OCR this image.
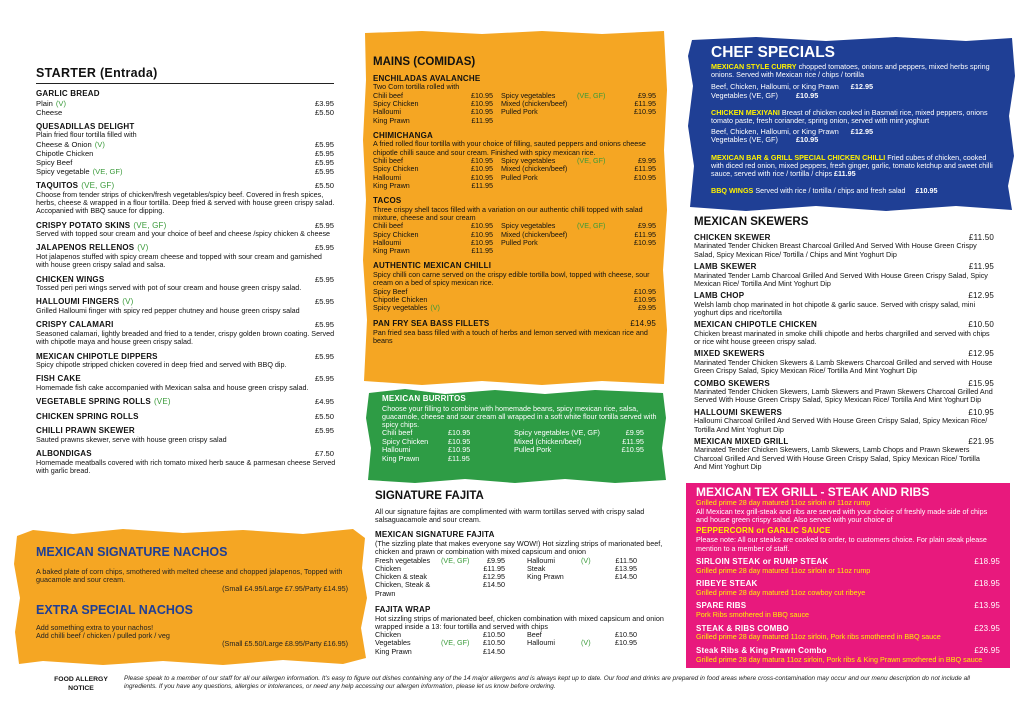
STARTER (Entrada)
GARLIC BREAD
Plain (V)	£3.95
Cheese	£5.50
QUESADILLAS DELIGHT
Plain fried flour tortilla filled with
Cheese & Onion (V)	£5.95
Chipotle Chicken	£5.95
Spicy Beef	£5.95
Spicy vegetable (VE, GF)	£5.95
TAQUITOS (VE, GF)	£5.50
Choose from tender strips of chicken/fresh vegetables/spicy beef. Covered in fresh spices, herbs, cheese & wrapped in a flour tortilla. Deep fried & served with house green crispy salad. Accopanied with BBQ sauce for dipping.
CRISPY POTATO SKINS (VE, GF)	£5.95
Served with topped sour cream and your choice of beef and cheese /spicy chicken & cheese
JALAPENOS RELLENOS (V)	£5.95
Hot jalapenos stuffed with spicy cream cheese and topped with sour cream and garnished with house green crispy salad and salsa.
CHICKEN WINGS	£5.95
Tossed peri peri wings served with pot of sour cream and house green crispy salad.
HALLOUMI FINGERS (V)	£5.95
Grilled Halloumi finger with spicy red pepper chutney and house green crispy salad
CRISPY CALAMARI	£5.95
Seasoned calamari, lightly breaded and fried to a tender, crispy golden brown coating. Served with chipotle maya and house green crispy salad.
MEXICAN CHIPOTLE DIPPERS	£5.95
Spicy chipotle stripped chicken covered in deep fried and served with BBQ dip.
FISH CAKE	£5.95
Homemade fish cake accompanied with Mexican salsa and house green crispy salad.
VEGETABLE SPRING ROLLS (VE)	£4.95
CHICKEN SPRING ROLLS	£5.50
CHILLI PRAWN SKEWER	£5.95
Sauted prawns skewer, serve with house green crispy salad
ALBONDIGAS	£7.50
Homemade meatballs covered with rich tomato mixed herb sauce & parmesan cheese Served with garlic bread.
MEXICAN SIGNATURE NACHOS
A baked plate of corn chips, smothered with melted cheese and chopped jalapenos, Topped with guacamole and sour cream.
(Small £4.95/Large £7.95/Party £14.95)
EXTRA SPECIAL NACHOS
Add something extra to your nachos!
Add chilli beef / chicken / pulled pork / veg
(Small £5.50/Large £8.95/Party £16.95)
MAINS (COMIDAS)
ENCHILADAS AVALANCHE
Two Corn tortilla rolled with
Chili beef	£10.95 Spicy vegetables	(VE, GF)	£9.95
Spicy Chicken	£10.95 Mixed (chicken/beef)	£11.95
Halloumi	£10.95 Pulled Pork	£10.95
King Prawn	£11.95
CHIMICHANGA
A fried rolled flour tortilla with your choice of filling, sauted peppers and onions cheese chipotle chilli sauce and sour cream. Finished with spicy mexican rice.
Chili beef	£10.95 Spicy vegetables	(VE, GF)	£9.95
Spicy Chicken	£10.95 Mixed (chicken/beef)	£11.95
Halloumi	£10.95 Pulled Pork	£10.95
King Prawn	£11.95
TACOS
Three crispy shell tacos filled with a variation on our authentic chilli topped with salad mixture, cheese and sour cream
Chili beef	£10.95 Spicy vegetables	(VE, GF)	£9.95
Spicy Chicken	£10.95 Mixed (chicken/beef)	£11.95
Halloumi	£10.95 Pulled Pork	£10.95
King Prawn	£11.95
AUTHENTIC MEXICAN CHILLI
Spicy chilli con carne served on the crispy edible tortilla bowl, topped with cheese, sour cream on a bed of spicy mexican rice.
Spicy Beef	£10.95
Chipotle Chicken	£10.95
Spicy vegetables (V)	£9.95
PAN FRY SEA BASS FILLETS	£14.95
Pan fried sea bass filled with a touch of herbs and lemon served with mexican rice and beans
MEXICAN BURRITOS
Choose your filling to combine with homemade beans, spicy mexican rice, salsa, guacamole, cheese and sour cream all wrapped in a soft white flour tortilla served with spicy chips.
Chili beef	£10.95	Spicy vegetables (VE, GF)	£9.95
Spicy Chicken	£10.95	Mixed (chicken/beef)	£11.95
Halloumi	£10.95	Pulled Pork	£10.95
King Prawn	£11.95
SIGNATURE FAJITA
All our signature fajitas are complimented with warm tortillas served with crispy salad salsaguacamole and sour cream.
MEXICAN SIGNATURE FAJITA
(The sizzling plate that makes everyone say WOW!) Hot sizzling strips of marionated beef, chicken and prawn or combination with mixed capsicum and onion
Fresh vegetables	(VE, GF)	£9.95	Halloumi	(V)	£11.50
Chicken	£11.95	Steak	£13.95
Chicken & steak	£12.95	King Prawn	£14.50
Chicken, Steak & Prawn
£14.50
FAJITA WRAP
Hot sizzling strips of marionated beef, chicken combination with mixed capsicum and onion wrapped inside a 13: four tortilla and served with chips
Chicken	£10.50	Beef	£10.50
Vegetables	(VE, GF)	£10.50	Halloumi	(V)	£10.95
King Prawn	£14.50
CHEF SPECIALS
MEXICAN STYLE CURRY chopped tomatoes, onions and peppers, mixed herbs spring onions. Served with Mexican rice / chips / tortilla
Beef, Chicken, Halloumi, or King Prawn £12.95
Vegetables (VE, GF) £10.95
CHICKEN MEXIYANI Breast of chicken cooked in Basmati rice, mixed peppers, onions tomato paste, fresh coriander, spring onion, served with mint yoghurt
Beef, Chicken, Halloumi, or King Prawn £12.95
Vegetables (VE, GF) £10.95
MEXICAN BAR & GRILL SPECIAL CHICKEN CHILLI Fried cubes of chicken, cooked with diced red onion, mixed peppers, fresh ginger, garlic, tomato ketchup and sweet chilli sauce, served with rice / tortilla / chips £11.95
BBQ WINGS Served with rice / tortilla / chips and fresh salad £10.95
MEXICAN SKEWERS
CHICKEN SKEWER	£11.50
Marinated Tender Chicken Breast Charcoal Grilled And Served With House Green Crispy Salad, Spicy Mexican Rice/ Tortilla / Chips and Mint Yoghurt Dip
LAMB SKEWER	£11.95
Marinated Tender Lamb Charcoal Grilled And Served With House Green Crispy Salad, Spicy Mexican Rice/ Tortilla And Mint Yoghurt Dip
LAMB CHOP	£12.95
Welsh lamb chop marinated in hot chipotle & garlic sauce. Served with crispy salad, mini yoghurt dips and rice/tortilla
MEXICAN CHIPOTLE CHICKEN	£10.50
Chicken breast marinated in smoke chilli chipotle and herbs chargrilled and served with chips or rice wiht house greeen crispy salad.
MIXED SKEWERS	£12.95
Marinated Tender Chicken Skewers & Lamb Skewers Charcoal Grilled and served with House Green Crispy Salad, Spicy Mexican Rice/ Tortilla And Mint Yoghurt Dip
COMBO SKEWERS	£15.95
Marinated Tender Chicken Skewers, Lamb Skewers and Prawn Skewers Charcoal Grilled And Served With House Green Crispy Salad, Spicy Mexican Rice/ Tortilla And Mint Yoghurt Dip
HALLOUMI SKEWERS	£10.95
Halloumi Charcoal Grilled And Served With House Green Crispy Salad, Spicy Mexican Rice/ Tortilla And Mint Yoghurt Dip
MEXICAN MIXED GRILL	£21.95
Marinated Tender Chicken Skewers, Lamb Skewers, Lamb Chops and Prawn Skewers Charcoal Grilled And Served With House Green Crispy Salad, Spicy Mexican Rice/ Tortilla And Mint Yoghurt Dip
MEXICAN TEX GRILL - STEAK AND RIBS
Grilled prime 28 day matured 11oz sirloin or 11oz rump
All Mexican tex grill-steak and ribs are served with your choice of freshly made side of chips and house green crispy salad. Also served with your choice of
PEPPERCORN or GARLIC SAUCE
Please note: All our steaks are cooked to order, to customers choice. For plain steak please mention to a member of staff.
SIRLOIN STEAK or RUMP STEAK	£18.95
Grilled prime 28 day matured 11oz sirloin or 11oz rump
RIBEYE STEAK	£18.95
Grilled prime 28 day matured 11oz cowboy cut ribeye
SPARE RIBS	£13.95
Pork Ribs smothered in BBQ sauce
STEAK & RIBS COMBO	£23.95
Grilled prime 28 day matured 11oz sirloin, Pork ribs smothered in BBQ sauce
Steak Ribs & King Prawn Combo	£26.95
Grilled prime 28 day matura 11oz sirloin, Pork ribs & King Prawn smothered in BBQ sauce
FOOD ALLERGY
NOTICE
Please speak to a member of our staff for all our allergen information. It's easy to figure out dishes containing any of the 14 major allergens and is always kept up to date. Our food and drinks are prepared in food areas where cross-contamination may occur and our menu description do not include all ingredients. If you have any questions, allergies or intolerances, or need any help accessing our allergen information, please let us know before ordering.
